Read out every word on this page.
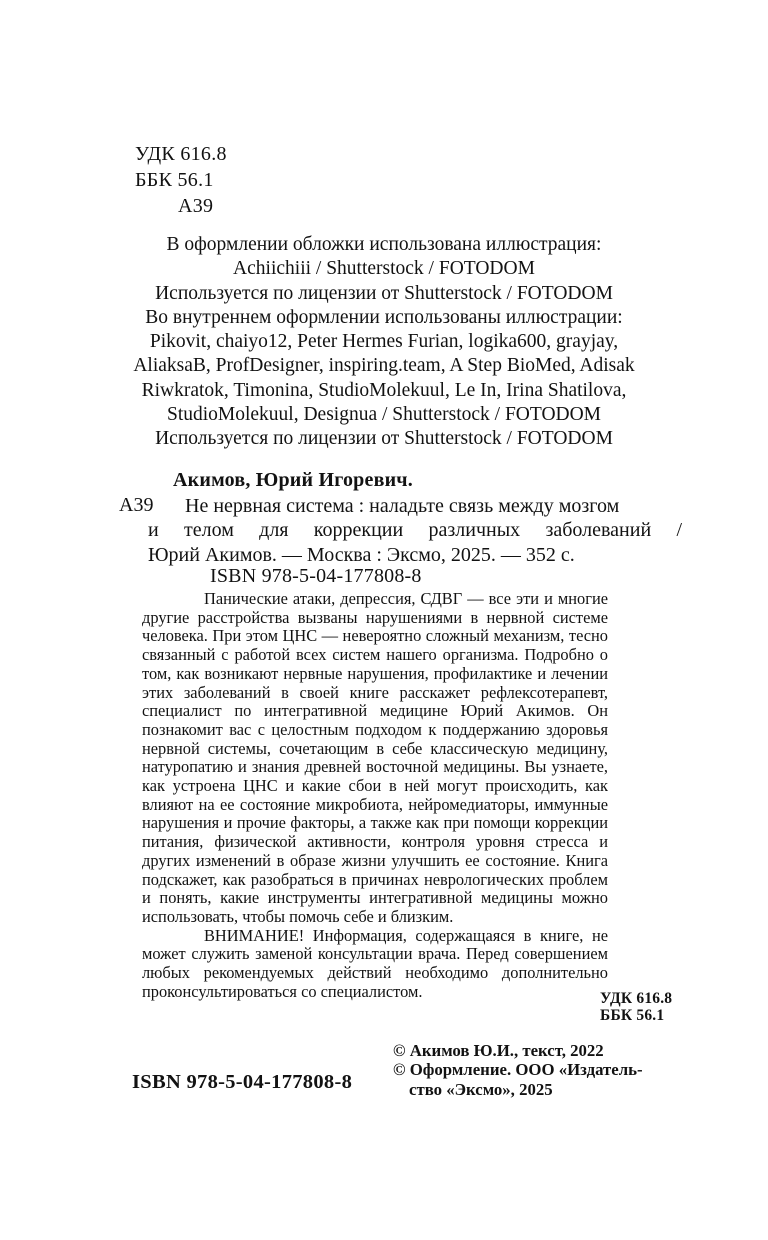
УДК 616.8
ББК 56.1
А39
В оформлении обложки использована иллюстрация:
Achiichiii / Shutterstock / FOTODOM
Используется по лицензии от Shutterstock / FOTODOM
Во внутреннем оформлении использованы иллюстрации:
Pikovit, chaiyo12, Peter Hermes Furian, logika600, grayjay,
AliaksaB, ProfDesigner, inspiring.team, A Step BioMed, Adisak
Riwkratok, Timonina, StudioMolekuul, Le In, Irina Shatilova,
StudioMolekuul, Designua / Shutterstock / FOTODOM
Используется по лицензии от Shutterstock / FOTODOM
Акимов, Юрий Игоревич.
А39	Не нервная система : наладьте связь между мозгом
и телом для коррекции различных заболеваний /
Юрий Акимов. — Москва : Эксмо, 2025. — 352 с.
ISBN 978-5-04-177808-8

Панические атаки, депрессия, СДВГ — все эти и многие другие расстройства вызваны нарушениями в нервной системе человека. При этом ЦНС — невероятно сложный механизм, тесно связанный с работой всех систем нашего организма. Подробно о том, как возникают нервные нарушения, профилактике и лечении этих заболеваний в своей книге расскажет рефлексотерапевт, специалист по интегративной медицине Юрий Акимов. Он познакомит вас с целостным подходом к поддержанию здоровья нервной системы, сочетающим в себе классическую медицину, натуропатию и знания древней восточной медицины. Вы узнаете, как устроена ЦНС и какие сбои в ней могут происходить, как влияют на ее состояние микробиота, нейромедиаторы, иммунные нарушения и прочие факторы, а также как при помощи коррекции питания, физической активности, контроля уровня стресса и других изменений в образе жизни улучшить ее состояние. Книга подскажет, как разобраться в причинах неврологических проблем и понять, какие инструменты интегративной медицины можно использовать, чтобы помочь себе и близким.

ВНИМАНИЕ! Информация, содержащаяся в книге, не может служить заменой консультации врача. Перед совершением любых рекомендуемых действий необходимо дополнительно проконсультироваться со специалистом.	УДК 616.8
ББК 56.1
ISBN 978-5-04-177808-8
© Акимов Ю.И., текст, 2022
© Оформление. ООО «Издатель-
ство «Эксмо», 2025
